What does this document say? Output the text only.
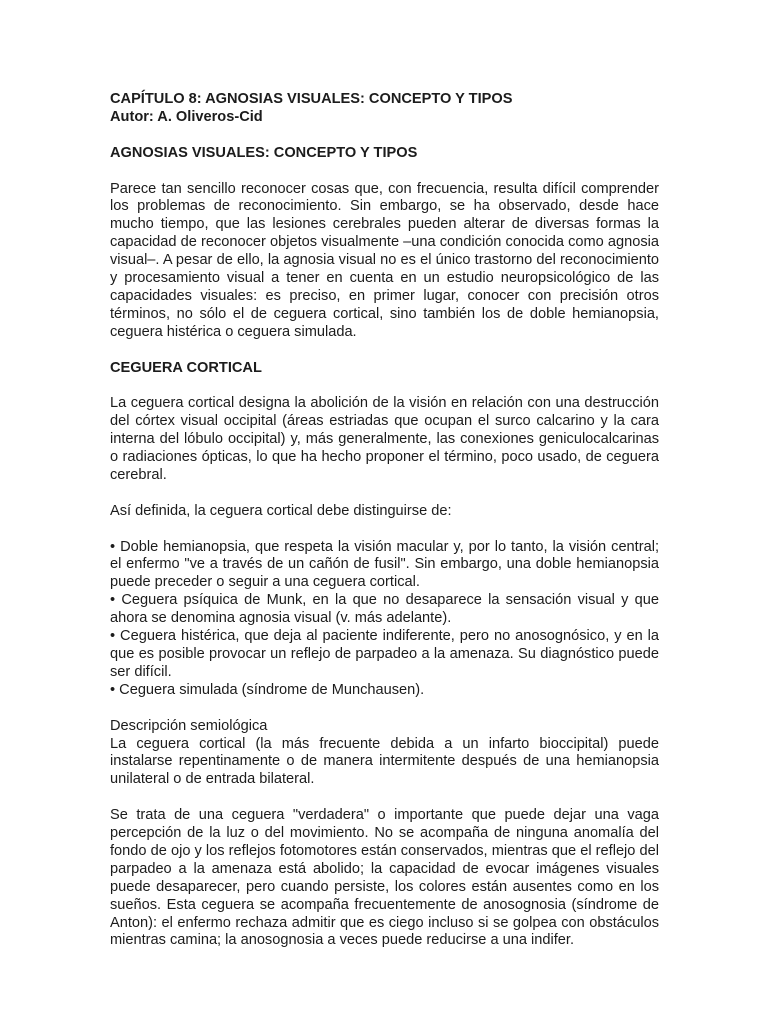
CAPÍTULO 8: AGNOSIAS VISUALES: CONCEPTO Y TIPOS

Autor: A. Oliveros-Cid

AGNOSIAS VISUALES: CONCEPTO Y TIPOS

Parece tan sencillo reconocer cosas que, con frecuencia, resulta difícil comprender los problemas de reconocimiento. Sin embargo, se ha observado, desde hace mucho tiempo, que las lesiones cerebrales pueden alterar de diversas formas la capacidad de reconocer objetos visualmente –una condición conocida como agnosia visual–. A pesar de ello, la agnosia visual no es el único trastorno del reconocimiento y procesamiento visual a tener en cuenta en un estudio neuropsicológico de las capacidades visuales: es preciso, en primer lugar, conocer con precisión otros términos, no sólo el de ceguera cortical, sino también los de doble hemianopsia, ceguera histérica o ceguera simulada.

CEGUERA CORTICAL

La ceguera cortical designa la abolición de la visión en relación con una destrucción del córtex visual occipital (áreas estriadas que ocupan el surco calcarino y la cara interna del lóbulo occipital) y, más generalmente, las conexiones geniculocalcarinas o radiaciones ópticas, lo que ha hecho proponer el término, poco usado, de ceguera cerebral.

Así definida, la ceguera cortical debe distinguirse de:

• Doble hemianopsia, que respeta la visión macular y, por lo tanto, la visión central; el enfermo "ve a través de un cañón de fusil". Sin embargo, una doble hemianopsia puede preceder o seguir a una ceguera cortical.

• Ceguera psíquica de Munk, en la que no desaparece la sensación visual y que ahora se denomina agnosia visual (v. más adelante).

• Ceguera histérica, que deja al paciente indiferente, pero no anosognósico, y en la que es posible provocar un reflejo de parpadeo a la amenaza. Su diagnóstico puede ser difícil.

• Ceguera simulada (síndrome de Munchausen).

Descripción semiológica

La ceguera cortical (la más frecuente debida a un infarto bioccipital) puede instalarse repentinamente o de manera intermitente después de una hemianopsia unilateral o de entrada bilateral.

Se trata de una ceguera "verdadera" o importante que puede dejar una vaga percepción de la luz o del movimiento. No se acompaña de ninguna anomalía del fondo de ojo y los reflejos fotomotores están conservados, mientras que el reflejo del parpadeo a la amenaza está abolido; la capacidad de evocar imágenes visuales puede desaparecer, pero cuando persiste, los colores están ausentes como en los sueños. Esta ceguera se acompaña frecuentemente de anosognosia (síndrome de Anton): el enfermo rechaza admitir que es ciego incluso si se golpea con obstáculos mientras camina; la anosognosia a veces puede reducirse a una indifer.
